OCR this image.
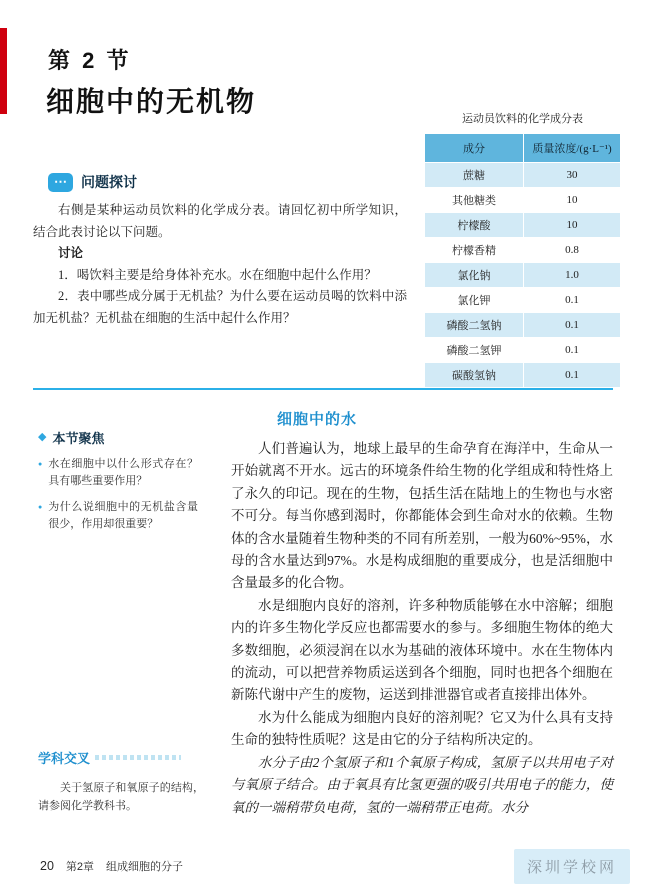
第 2 节
细胞中的无机物

运动员饮料的化学成分表

成分	质量浓度/(g·L⁻¹)
蔗糖	30
其他糖类	10
柠檬酸	10
柠檬香精	0.8
氯化钠	1.0
氯化钾	0.1
磷酸二氢钠	0.1
磷酸二氢钾	0.1
碳酸氢钠	0.1
⋯	问题探讨

右侧是某种运动员饮料的化学成分表。请回忆初中所学知识，结合此表讨论以下问题。

讨论

1．喝饮料主要是给身体补充水。水在细胞中起什么作用？

2．表中哪些成分属于无机盐？为什么要在运动员喝的饮料中添加无机盐？无机盐在细胞的生活中起什么作用？

◆ 本节聚焦
● 水在细胞中以什么形式存在？具有哪些重要作用？
● 为什么说细胞中的无机盐含量很少，作用却很重要？
学科交叉

关于氢原子和氧原子的结构，请参阅化学教科书。

细胞中的水

人们普遍认为，地球上最早的生命孕育在海洋中，生命从一开始就离不开水。远古的环境条件给生物的化学组成和特性烙上了永久的印记。现在的生物，包括生活在陆地上的生物也与水密不可分。每当你感到渴时，你都能体会到生命对水的依赖。生物体的含水量随着生物种类的不同有所差别，一般为60%~95%，水母的含水量达到97%。水是构成细胞的重要成分，也是活细胞中含量最多的化合物。

水是细胞内良好的溶剂，许多种物质能够在水中溶解；细胞内的许多生物化学反应也都需要水的参与。多细胞生物体的绝大多数细胞，必须浸润在以水为基础的液体环境中。水在生物体内的流动，可以把营养物质运送到各个细胞，同时也把各个细胞在新陈代谢中产生的废物，运送到排泄器官或者直接排出体外。

水为什么能成为细胞内良好的溶剂呢？它又为什么具有支持生命的独特性质呢？这是由它的分子结构所决定的。

水分子由2个氢原子和1个氧原子构成，氢原子以共用电子对与氧原子结合。由于氧具有比氢更强的吸引共用电子的能力，使氧的一端稍带负电荷，氢的一端稍带正电荷。水分

20 第2章 组成细胞的分子	深圳学校网
